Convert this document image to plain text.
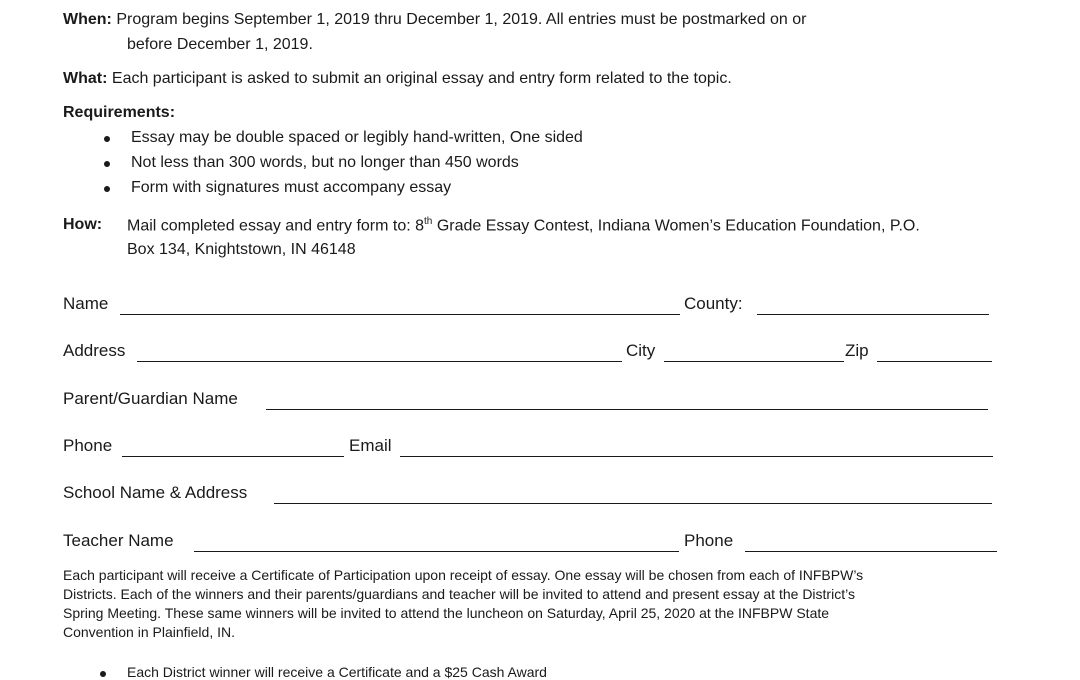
When: Program begins September 1, 2019 thru December 1, 2019. All entries must be postmarked on or
before December 1, 2019.
What: Each participant is asked to submit an original essay and entry form related to the topic.
Requirements:
Essay may be double spaced or legibly hand-written, One sided
Not less than 300 words, but no longer than 450 words
Form with signatures must accompany essay
How: Mail completed essay and entry form to: 8th Grade Essay Contest, Indiana Women’s Education Foundation, P.O.
Box 134, Knightstown, IN 46148
Name	County:
Address	City	Zip
Parent/Guardian Name
Phone	Email
School Name & Address
Teacher Name	Phone
Each participant will receive a Certificate of Participation upon receipt of essay. One essay will be chosen from each of INFBPW’s
Districts. Each of the winners and their parents/guardians and teacher will be invited to attend and present essay at the District’s
Spring Meeting. These same winners will be invited to attend the luncheon on Saturday, April 25, 2020 at the INFBPW State
Convention in Plainfield, IN.
Each District winner will receive a Certificate and a $25 Cash Award
